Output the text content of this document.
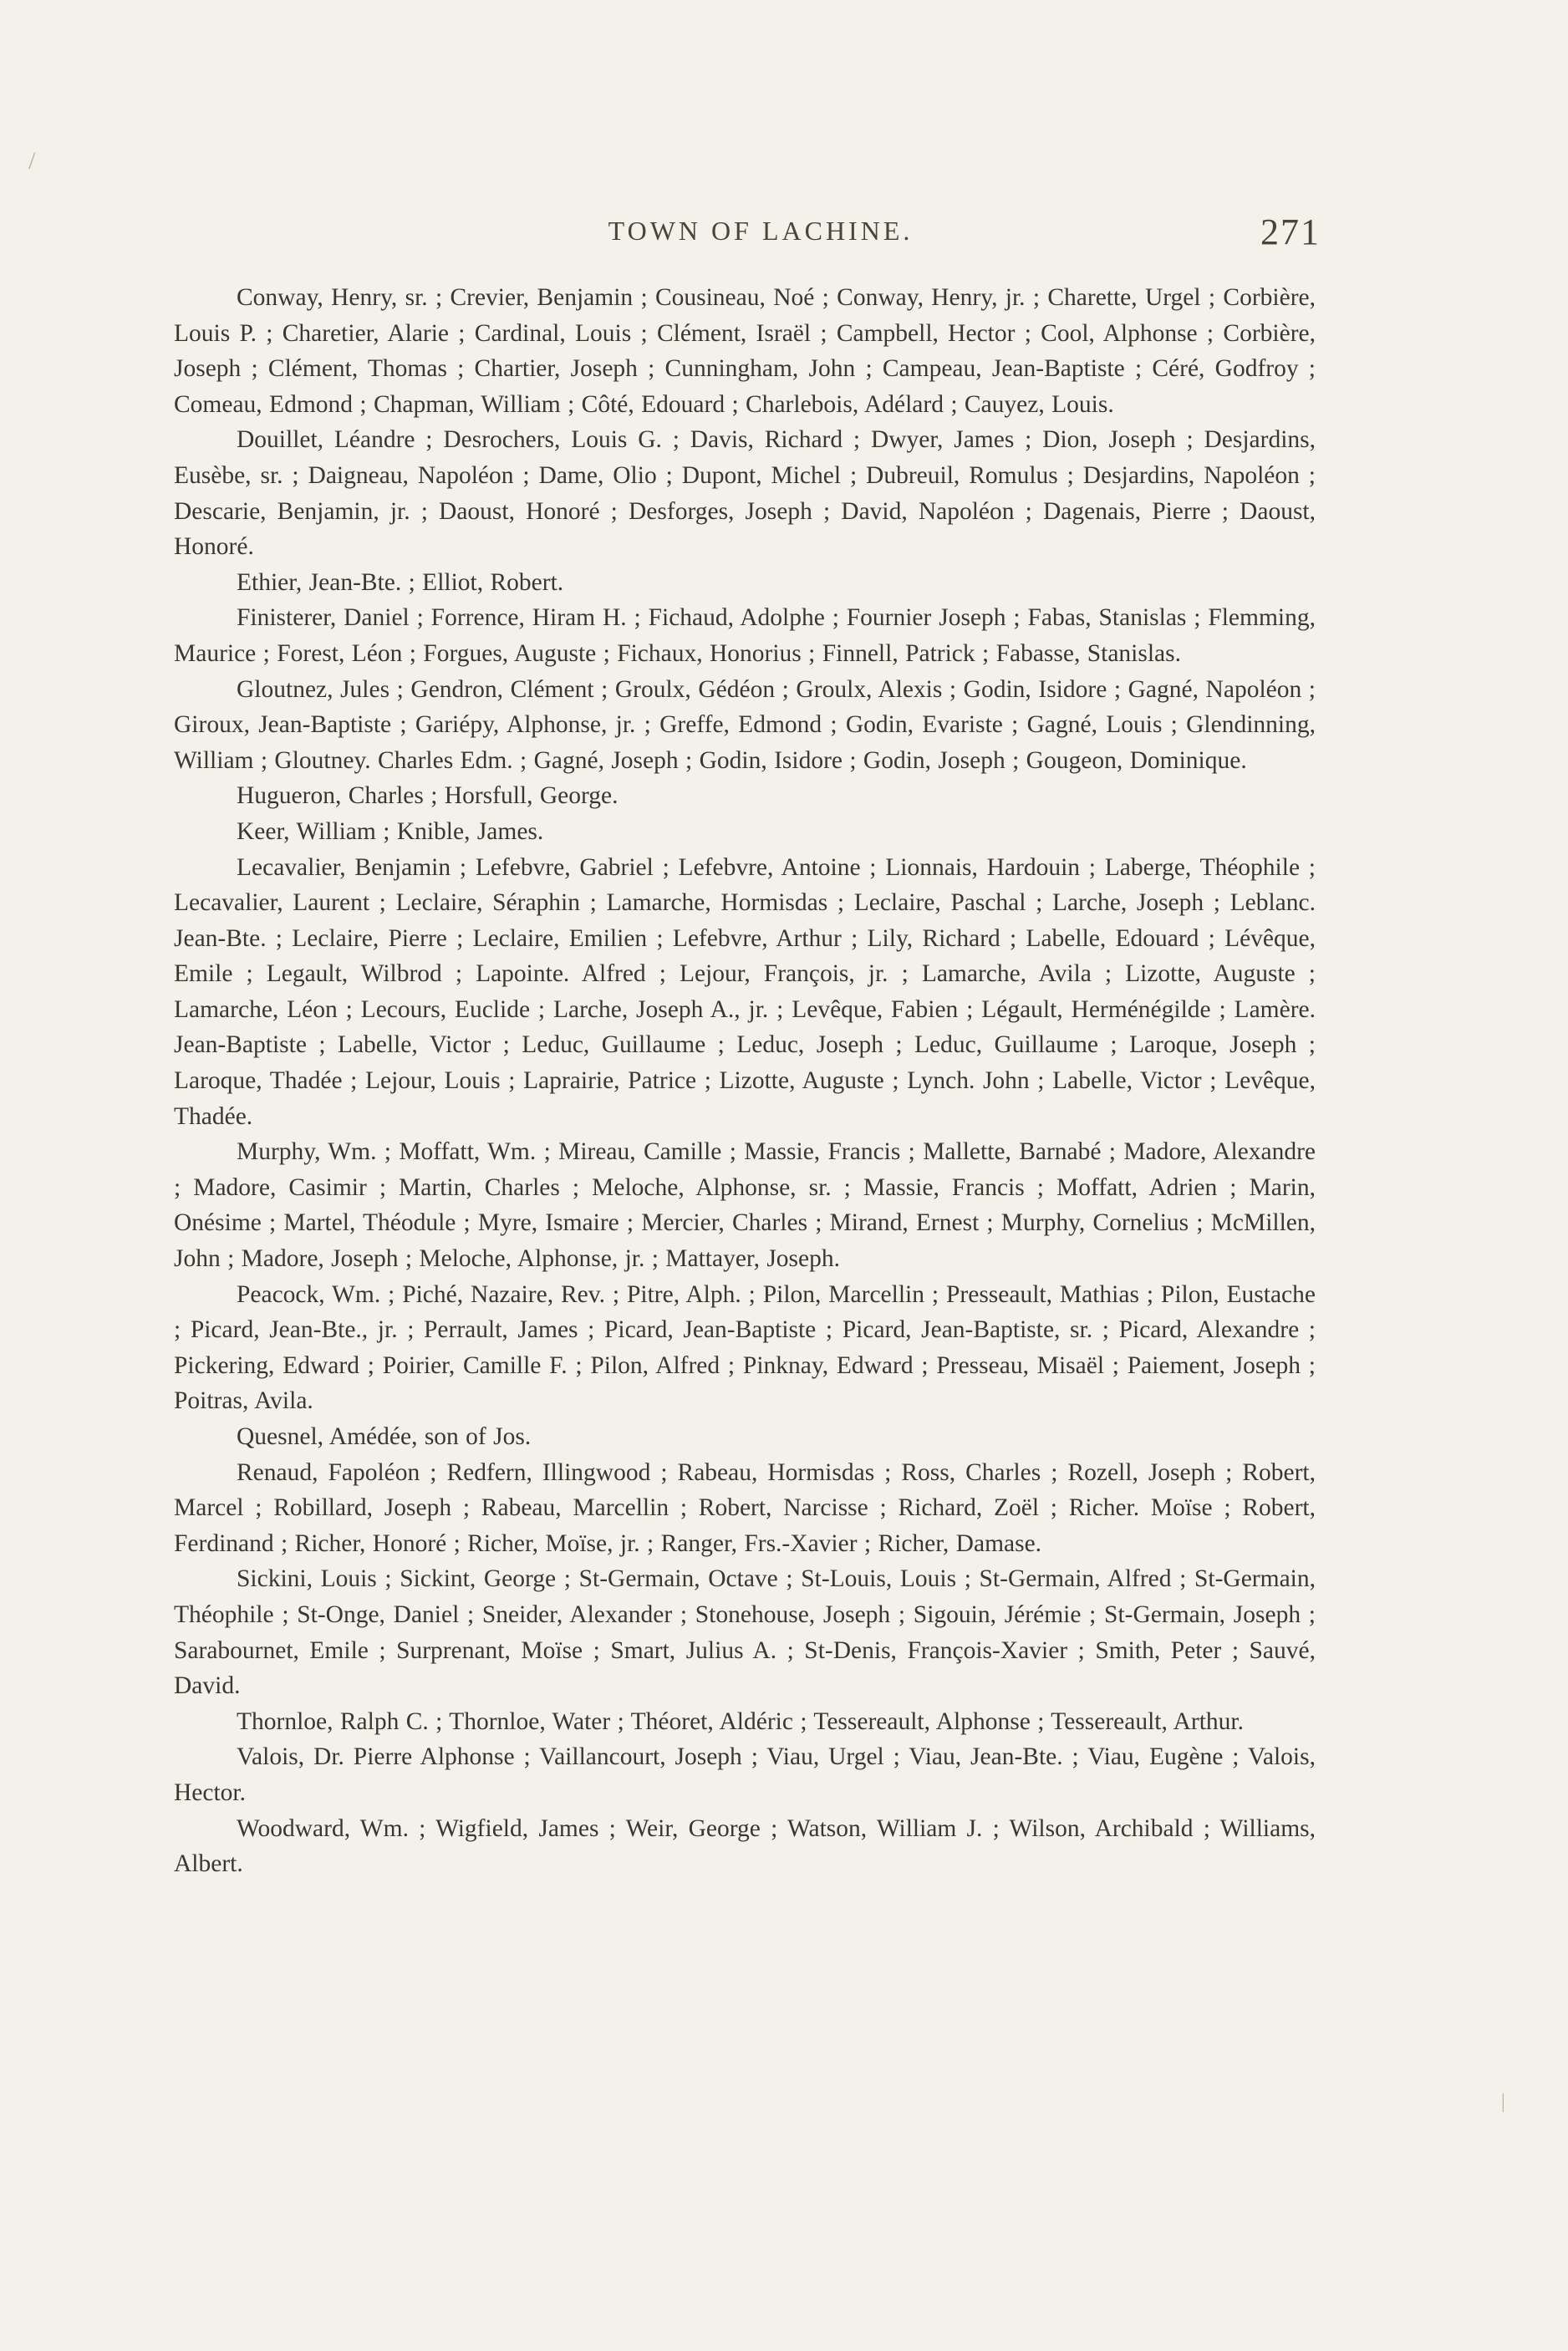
/
|
TOWN OF LACHINE.	271

Conway, Henry, sr. ; Crevier, Benjamin ; Cousineau, Noé ; Conway, Henry, jr. ; Charette, Urgel ; Corbière, Louis P. ; Charetier, Alarie ; Cardinal, Louis ; Clément, Israël ; Campbell, Hector ; Cool, Alphonse ; Corbière, Joseph ; Clément, Thomas ; Chartier, Joseph ; Cunningham, John ; Campeau, Jean-Baptiste ; Céré, Godfroy ; Comeau, Edmond ; Chapman, William ; Côté, Edouard ; Charlebois, Adélard ; Cauyez, Louis.

Douillet, Léandre ; Desrochers, Louis G. ; Davis, Richard ; Dwyer, James ; Dion, Joseph ; Desjardins, Eusèbe, sr. ; Daigneau, Napoléon ; Dame, Olio ; Dupont, Michel ; Dubreuil, Romulus ; Desjardins, Napoléon ; Descarie, Benjamin, jr. ; Daoust, Honoré ; Desforges, Joseph ; David, Napoléon ; Dagenais, Pierre ; Daoust, Honoré.

Ethier, Jean-Bte. ; Elliot, Robert.

Finisterer, Daniel ; Forrence, Hiram H. ; Fichaud, Adolphe ; Fournier Joseph ; Fabas, Stanislas ; Flemming, Maurice ; Forest, Léon ; Forgues, Auguste ; Fichaux, Honorius ; Finnell, Patrick ; Fabasse, Stanislas.

Gloutnez, Jules ; Gendron, Clément ; Groulx, Gédéon ; Groulx, Alexis ; Godin, Isidore ; Gagné, Napoléon ; Giroux, Jean-Baptiste ; Gariépy, Alphonse, jr. ; Greffe, Edmond ; Godin, Evariste ; Gagné, Louis ; Glendinning, William ; Gloutney. Charles Edm. ; Gagné, Joseph ; Godin, Isidore ; Godin, Joseph ; Gougeon, Dominique.

Hugueron, Charles ; Horsfull, George.

Keer, William ; Knible, James.

Lecavalier, Benjamin ; Lefebvre, Gabriel ; Lefebvre, Antoine ; Lionnais, Hardouin ; Laberge, Théophile ; Lecavalier, Laurent ; Leclaire, Séraphin ; Lamarche, Hormisdas ; Leclaire, Paschal ; Larche, Joseph ; Leblanc. Jean-Bte. ; Leclaire, Pierre ; Leclaire, Emilien ; Lefebvre, Arthur ; Lily, Richard ; Labelle, Edouard ; Lévêque, Emile ; Legault, Wilbrod ; Lapointe. Alfred ; Lejour, François, jr. ; Lamarche, Avila ; Lizotte, Auguste ; Lamarche, Léon ; Lecours, Euclide ; Larche, Joseph A., jr. ; Levêque, Fabien ; Légault, Herménégilde ; Lamère. Jean-Baptiste ; Labelle, Victor ; Leduc, Guillaume ; Leduc, Joseph ; Leduc, Guillaume ; Laroque, Joseph ; Laroque, Thadée ; Lejour, Louis ; Laprairie, Patrice ; Lizotte, Auguste ; Lynch. John ; Labelle, Victor ; Levêque, Thadée.

Murphy, Wm. ; Moffatt, Wm. ; Mireau, Camille ; Massie, Francis ; Mallette, Barnabé ; Madore, Alexandre ; Madore, Casimir ; Martin, Charles ; Meloche, Alphonse, sr. ; Massie, Francis ; Moffatt, Adrien ; Marin, Onésime ; Martel, Théodule ; Myre, Ismaire ; Mercier, Charles ; Mirand, Ernest ; Murphy, Cornelius ; McMillen, John ; Madore, Joseph ; Meloche, Alphonse, jr. ; Mattayer, Joseph.

Peacock, Wm. ; Piché, Nazaire, Rev. ; Pitre, Alph. ; Pilon, Marcellin ; Presseault, Mathias ; Pilon, Eustache ; Picard, Jean-Bte., jr. ; Perrault, James ; Picard, Jean-Baptiste ; Picard, Jean-Baptiste, sr. ; Picard, Alexandre ; Pickering, Edward ; Poirier, Camille F. ; Pilon, Alfred ; Pinknay, Edward ; Presseau, Misaël ; Paiement, Joseph ; Poitras, Avila.

Quesnel, Amédée, son of Jos.

Renaud, Fapoléon ; Redfern, Illingwood ; Rabeau, Hormisdas ; Ross, Charles ; Rozell, Joseph ; Robert, Marcel ; Robillard, Joseph ; Rabeau, Marcellin ; Robert, Narcisse ; Richard, Zoël ; Richer. Moïse ; Robert, Ferdinand ; Richer, Honoré ; Richer, Moïse, jr. ; Ranger, Frs.-Xavier ; Richer, Damase.

Sickini, Louis ; Sickint, George ; St-Germain, Octave ; St-Louis, Louis ; St-Germain, Alfred ; St-Germain, Théophile ; St-Onge, Daniel ; Sneider, Alexander ; Stonehouse, Joseph ; Sigouin, Jérémie ; St-Germain, Joseph ; Sarabournet, Emile ; Surprenant, Moïse ; Smart, Julius A. ; St-Denis, François-Xavier ; Smith, Peter ; Sauvé, David.

Thornloe, Ralph C. ; Thornloe, Water ; Théoret, Aldéric ; Tessereault, Alphonse ; Tessereault, Arthur.

Valois, Dr. Pierre Alphonse ; Vaillancourt, Joseph ; Viau, Urgel ; Viau, Jean-Bte. ; Viau, Eugène ; Valois, Hector.

Woodward, Wm. ; Wigfield, James ; Weir, George ; Watson, William J. ; Wilson, Archibald ; Williams, Albert.
